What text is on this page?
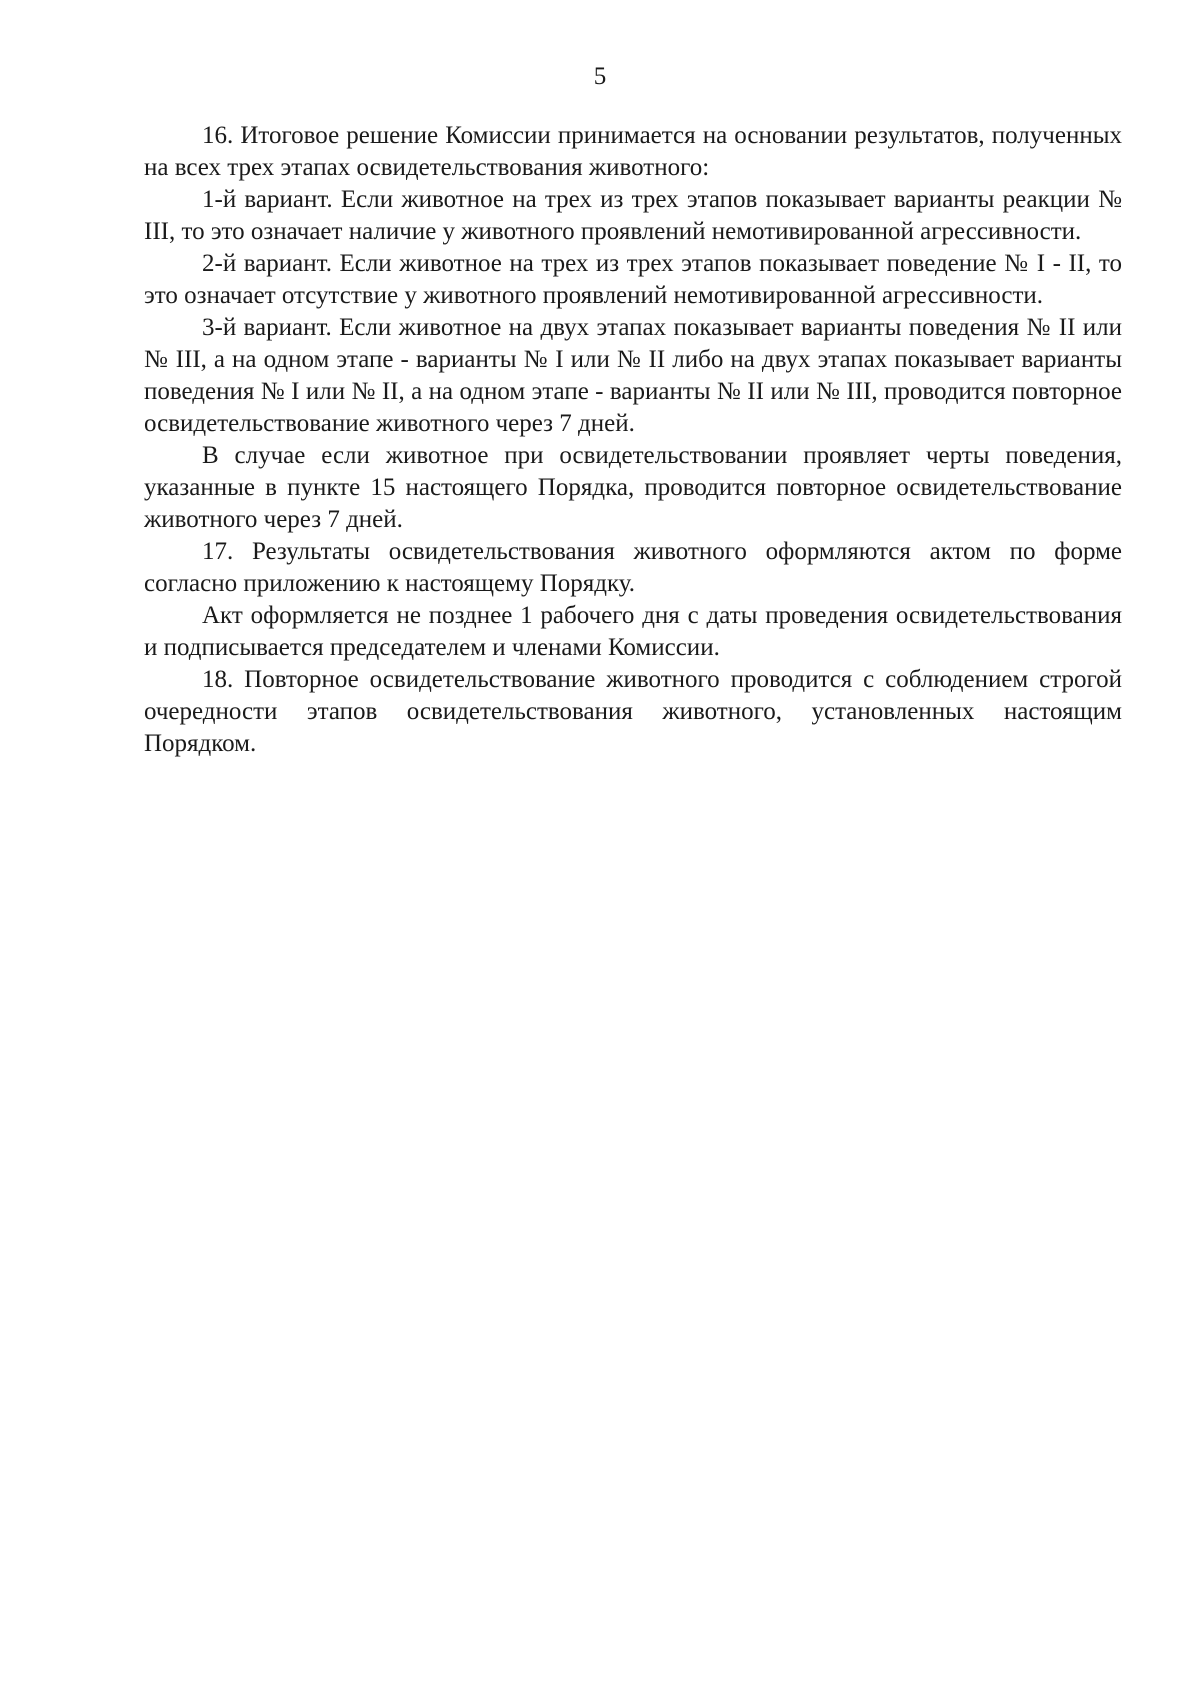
5

16. Итоговое решение Комиссии принимается на основании результатов, полученных на всех трех этапах освидетельствования животного:

1-й вариант. Если животное на трех из трех этапов показывает варианты реакции № III, то это означает наличие у животного проявлений немотивированной агрессивности.

2-й вариант. Если животное на трех из трех этапов показывает поведение № I - II, то это означает отсутствие у животного проявлений немотивированной агрессивности.

3-й вариант. Если животное на двух этапах показывает варианты поведения № II или № III, а на одном этапе - варианты № I или № II либо на двух этапах показывает варианты поведения № I или № II, а на одном этапе - варианты № II или № III, проводится повторное освидетельствование животного через 7 дней.

В случае если животное при освидетельствовании проявляет черты поведения, указанные в пункте 15 настоящего Порядка, проводится повторное освидетельствование животного через 7 дней.

17. Результаты освидетельствования животного оформляются актом по форме согласно приложению к настоящему Порядку.

Акт оформляется не позднее 1 рабочего дня с даты проведения освидетельствования и подписывается председателем и членами Комиссии.

18. Повторное освидетельствование животного проводится с соблюдением строгой очередности этапов освидетельствования животного, установленных настоящим Порядком.
